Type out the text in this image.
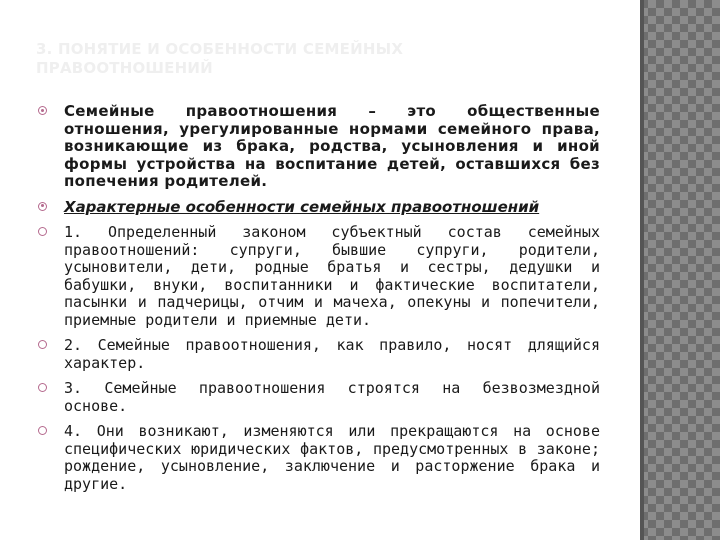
3. ПОНЯТИЕ И ОСОБЕННОСТИ СЕМЕЙНЫХ ПРАВООТНОШЕНИЙ
Семейные правоотношения – это общественные отношения, урегулированные нормами семейного права, возникающие из брака, родства, усыновления и иной формы устройства на воспитание детей, оставшихся без попечения родителей.
Характерные особенности семейных правоотношений
1. Определенный законом субъектный состав семейных правоотношений: супруги, бывшие супруги, родители, усыновители, дети, родные братья и сестры, дедушки и бабушки, внуки, воспитанники и фактические воспитатели, пасынки и падчерицы, отчим и мачеха, опекуны и попечители, приемные родители и приемные дети.
2. Семейные правоотношения, как правило, носят длящийся характер.
3. Семейные правоотношения строятся на безвозмездной основе.
4. Они возникают, изменяются или прекращаются на основе специфических юридических фактов, предусмотренных в законе; рождение, усыновление, заключение и расторжение брака и другие.
